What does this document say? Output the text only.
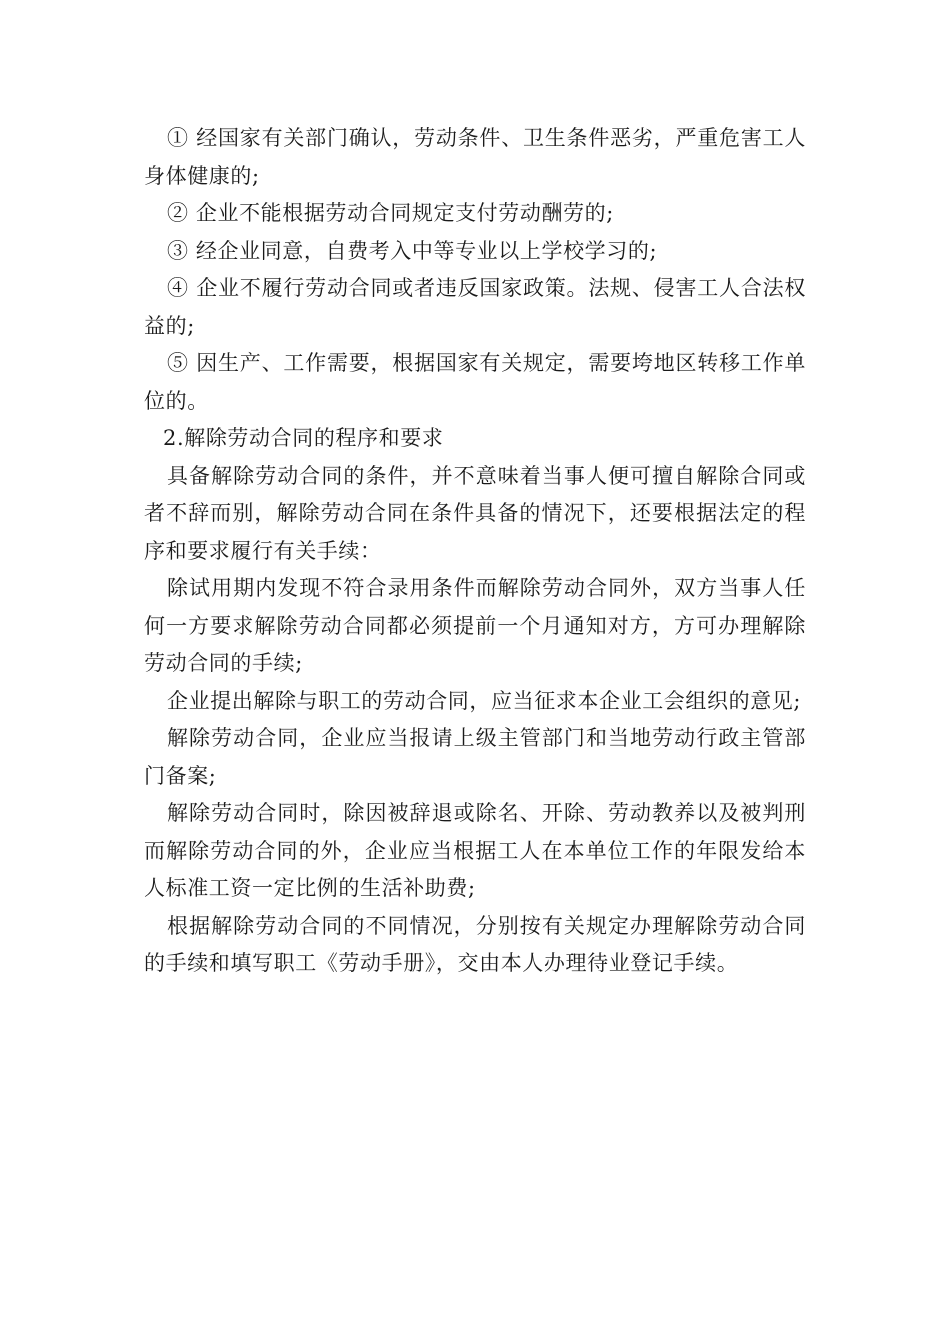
① 经国家有关部门确认，劳动条件、卫生条件恶劣，严重危害工人身体健康的;

② 企业不能根据劳动合同规定支付劳动酬劳的;

③ 经企业同意，自费考入中等专业以上学校学习的;

④ 企业不履行劳动合同或者违反国家政策。法规、侵害工人合法权益的;

⑤ 因生产、工作需要，根据国家有关规定，需要垮地区转移工作单位的。

2.解除劳动合同的程序和要求

具备解除劳动合同的条件，并不意味着当事人便可擅自解除合同或者不辞而别，解除劳动合同在条件具备的情况下，还要根据法定的程序和要求履行有关手续：

除试用期内发现不符合录用条件而解除劳动合同外，双方当事人任何一方要求解除劳动合同都必须提前一个月通知对方，方可办理解除劳动合同的手续;

企业提出解除与职工的劳动合同，应当征求本企业工会组织的意见;

解除劳动合同，企业应当报请上级主管部门和当地劳动行政主管部门备案;

解除劳动合同时，除因被辞退或除名、开除、劳动教养以及被判刑而解除劳动合同的外，企业应当根据工人在本单位工作的年限发给本人标准工资一定比例的生活补助费;

根据解除劳动合同的不同情况，分别按有关规定办理解除劳动合同的手续和填写职工《劳动手册》，交由本人办理待业登记手续。
